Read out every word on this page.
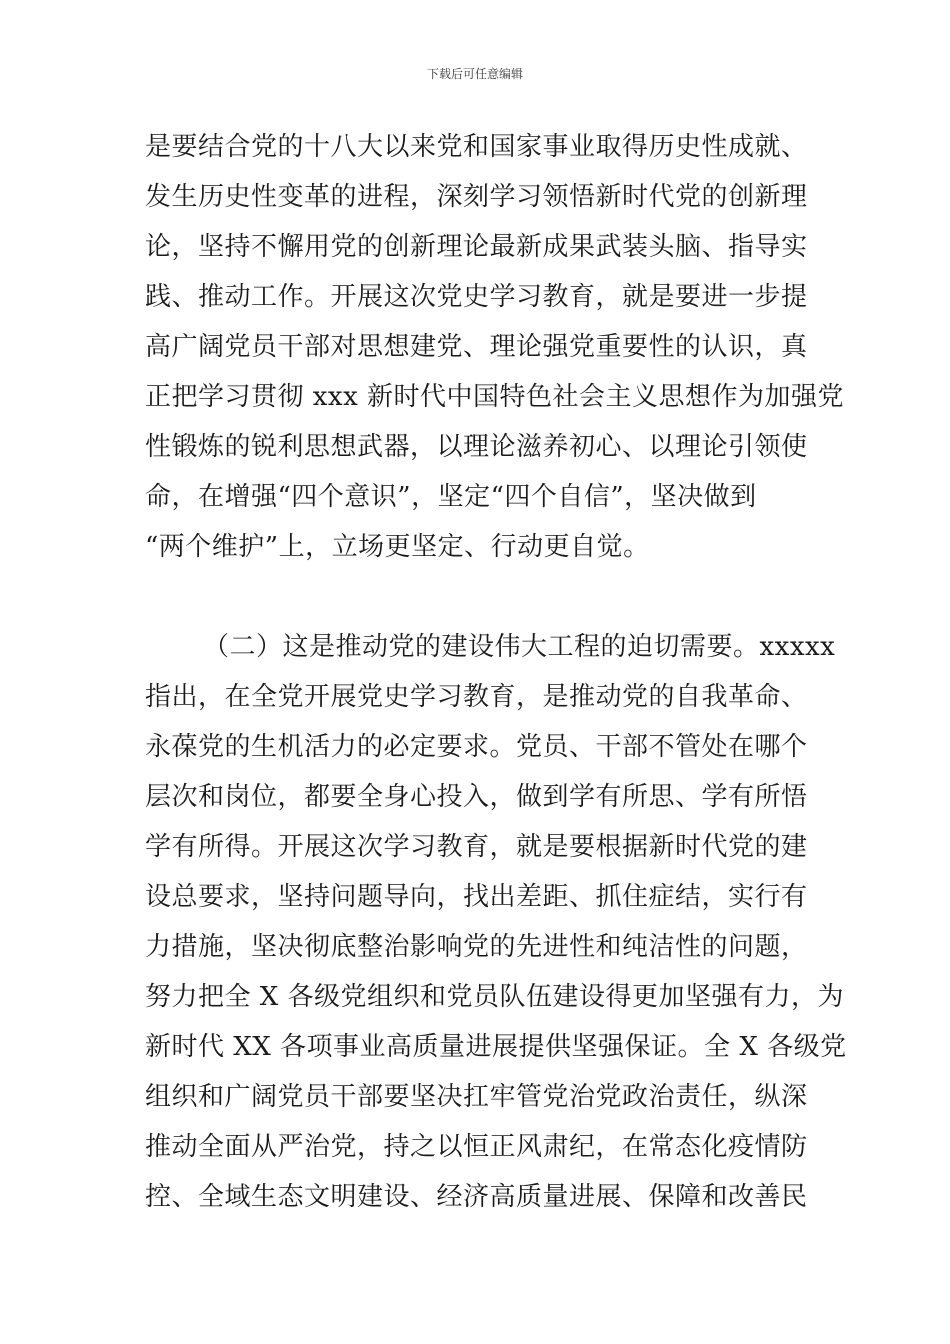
下载后可任意编辑
是要结合党的十八大以来党和国家事业取得历史性成就、
发生历史性变革的进程，深刻学习领悟新时代党的创新理
论，坚持不懈用党的创新理论最新成果武装头脑、指导实
践、推动工作。开展这次党史学习教育，就是要进一步提
高广阔党员干部对思想建党、理论强党重要性的认识，真
正把学习贯彻 xxx 新时代中国特色社会主义思想作为加强党
性锻炼的锐利思想武器，以理论滋养初心、以理论引领使
命，在增强“四个意识”，坚定“四个自信”，坚决做到
“两个维护”上，立场更坚定、行动更自觉。
（二）这是推动党的建设伟大工程的迫切需要。xxxxx
指出，在全党开展党史学习教育，是推动党的自我革命、
永葆党的生机活力的必定要求。党员、干部不管处在哪个
层次和岗位，都要全身心投入，做到学有所思、学有所悟
学有所得。开展这次学习教育，就是要根据新时代党的建
设总要求，坚持问题导向，找出差距、抓住症结，实行有
力措施，坚决彻底整治影响党的先进性和纯洁性的问题，
努力把全 X 各级党组织和党员队伍建设得更加坚强有力，为
新时代 XX 各项事业高质量进展提供坚强保证。全 X 各级党
组织和广阔党员干部要坚决扛牢管党治党政治责任，纵深
推动全面从严治党，持之以恒正风肃纪，在常态化疫情防
控、全域生态文明建设、经济高质量进展、保障和改善民
